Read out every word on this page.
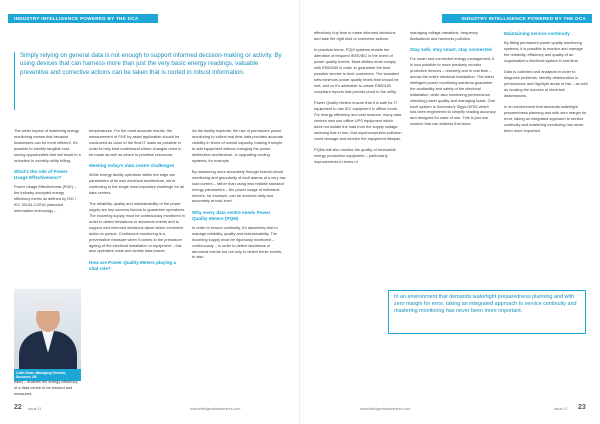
INDUSTRY INTELLIGENCE POWERED BY THE DCA

Simply relying on general data is not enough to support informed decision-making or activity. By using devices that can harness more than just the very basic energy readings, valuable preventive and corrective actions can be taken that is rooted in robust information.

The wider impact of mastering energy monitoring means that because businesses can be more efficient, it's possible to identify tangible cost-saving opportunities that will result in a reduction in monthly utility billing.

What's the role of Power Usage Effectiveness?

Power Usage Effectiveness (PUE) – the industry-accepted energy efficiency metric as defined by ISO / IEC 30134-2:2016 (standard information technology –

Colin Dean, Managing Director, Socomec UK

data) – enables the energy efficiency of a data centre to be tracked and measured.

temperatures. For the most accurate results, the measurement of PUE by asset application should be conducted as close to the final IT loads as possible in order to help best understand where changes need to be made as well as where to prioritise resources.

Meeting today's data centre challenges

While energy facility operators within the edge are parameters of its own electrical architecture, we're continuing to the single most important challenge for all data centres.

The reliability, quality and maintainability of the power supply are key success factors to guarantee operations. The incoming supply must be continuously monitored in order to detect deviations or abnormal events and to support well-informed decisions about which corrective action to pursue. Continuous monitoring is a preventative measure when it comes to the premature ageing of the electrical installation or equipment – this also optimises costs and avoids data losses.

How are Power Quality Meters playing a vital role?

As the facility expands, the use of permanent power monitoring to collect real time data provides accurate visibility in terms of overall capacity, making it simple to add equipment without changing the power distribution architecture, or upgrading cooling systems, for example.

By measuring more accurately through branch-circuit monitoring and granularity of fault alarms at a very low load current – rather than using less reliable standard energy parameters – the power usage of individual servers, for example, can be invoiced daily and accurately at rack level.

Why every data centre needs Power Quality Meters (PQM)

In order to ensure continuity, it's absolutely vital to manage reliability, quality and maintainability. The incoming supply must be rigorously monitored – continuously – in order to detect deviations or abnormal events but not only to detect these events, to also

22 Issue 11	www.intelligentdatacentres.com
INDUSTRY INTELLIGENCE POWERED BY THE DCA

effectively buy time to make informed decisions and take the right kind of corrective actions.

In practical terms, PQM systems enable the alteration of frequent IEEE/IEC in the event of power quality events. Most utilities must comply with EN50160 in order to guarantee the best possible service to their customers. The standard sets minimum power quality levels that should be met, and so it's advisable to create EN50160 compliant reports that provide proof to the utility.

Power Quality Meters ensure that it is safe for IT equipment to use IEC equipment in offline mode. For energy efficiency and cost reasons, many data centres now use offline UPS equipment which does not isolate the load from the supply voltage, meaning that in turn, that supercomputers pollution could damage and shorten the equipment lifespan.

PQMs will also monitor the quality of renewable energy production equipment – particularly improvements in terms of

managing voltage variations, frequency fluctuations and harmonic pollution.

Stay safe, stay smart, stay connected

For smart and connected energy management, it is now possible to more precisely monitor protective devices – remotely and in real time – across the entire electrical installation. The latest intelligent power monitoring solutions guarantee the availability and safety of the electrical installation, while also monitoring performance, checking power quality and managing loads. One such system is Socomec's Digys DIRIS which has been engineered to simplify reading accuracy and designed for ease of use. This is just one solution that can address this issue.

Maintaining service continuity

By fitting permanent power quality monitoring systems, it is possible to monitor and manage the reliability, efficiency and quality of an organisation's electrical system in real time.

Data is collected and analysed in order to diagnose problems, identify deterioration in performance and highlight areas of risk – as well as locating the sources of electrical disturbances.

In an environment that demands watertight preparedness planning and with zero margin for error, taking an integrated approach to service continuity and mastering monitoring has never been more important.

www.intelligentdatacentres.com	Issue 11 23

In an environment that demands watertight preparedness planning and with zero margin for error, taking an integrated approach to service continuity and mastering monitoring has never been more important.
